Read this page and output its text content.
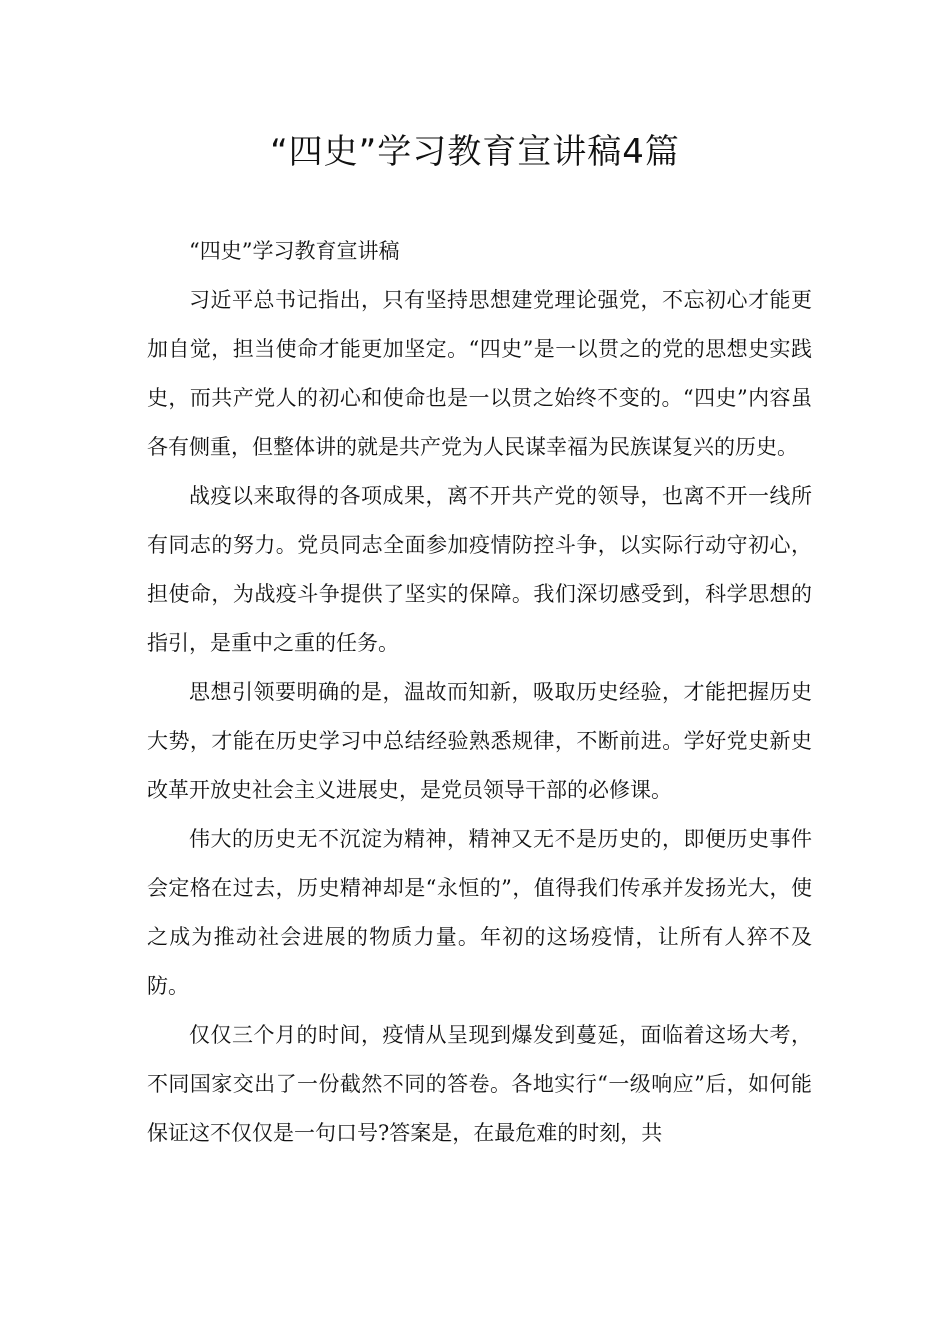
“四史”学习教育宣讲稿4篇

“四史”学习教育宣讲稿

习近平总书记指出，只有坚持思想建党理论强党，不忘初心才能更加自觉，担当使命才能更加坚定。“四史”是一以贯之的党的思想史实践史，而共产党人的初心和使命也是一以贯之始终不变的。“四史”内容虽各有侧重，但整体讲的就是共产党为人民谋幸福为民族谋复兴的历史。

战疫以来取得的各项成果，离不开共产党的领导，也离不开一线所有同志的努力。党员同志全面参加疫情防控斗争，以实际行动守初心，担使命，为战疫斗争提供了坚实的保障。我们深切感受到，科学思想的指引，是重中之重的任务。

思想引领要明确的是，温故而知新，吸取历史经验，才能把握历史大势，才能在历史学习中总结经验熟悉规律，不断前进。学好党史新史改革开放史社会主义进展史，是党员领导干部的必修课。

伟大的历史无不沉淀为精神，精神又无不是历史的，即便历史事件会定格在过去，历史精神却是“永恒的”，值得我们传承并发扬光大，使之成为推动社会进展的物质力量。年初的这场疫情，让所有人猝不及防。

仅仅三个月的时间，疫情从呈现到爆发到蔓延，面临着这场大考，不同国家交出了一份截然不同的答卷。各地实行“一级响应”后，如何能保证这不仅仅是一句口号?答案是，在最危难的时刻，共
